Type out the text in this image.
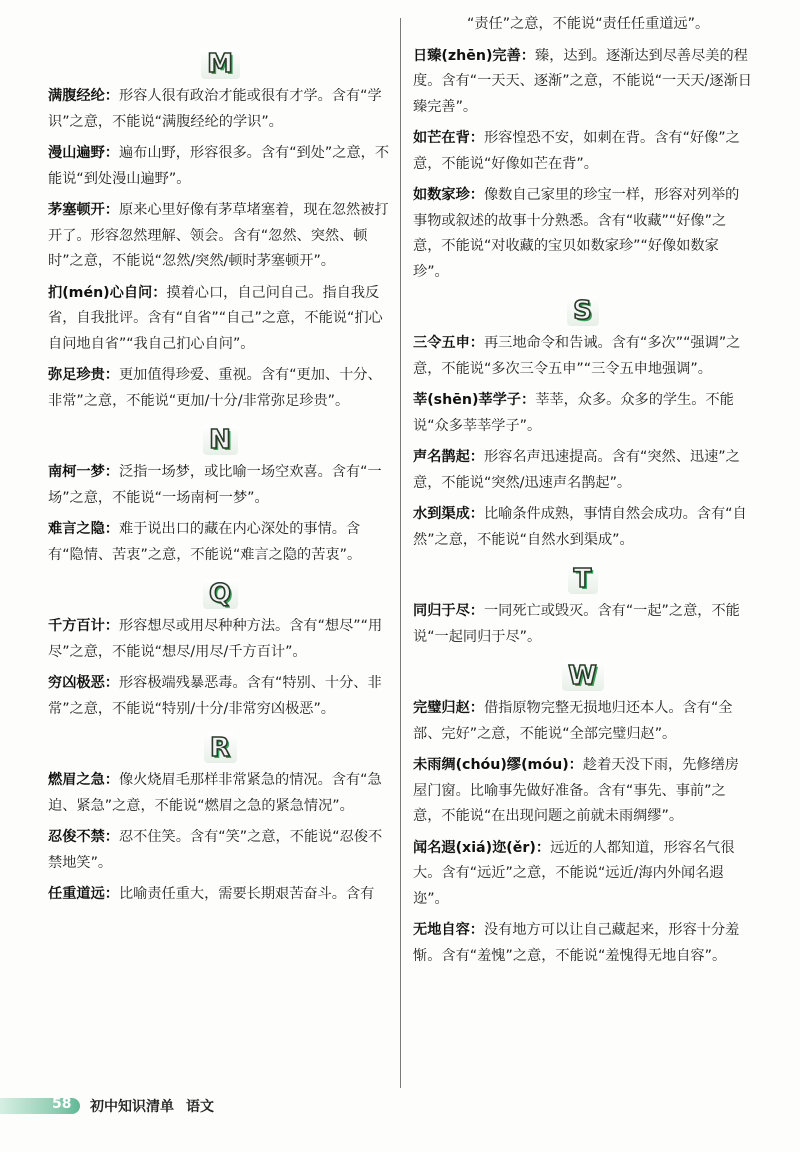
M
满腹经纶：形容人很有政治才能或很有才学。含有“学识”之意，不能说“满腹经纶的学识”。
漫山遍野：遍布山野，形容很多。含有“到处”之意，不能说“到处漫山遍野”。
茅塞顿开：原来心里好像有茅草堵塞着，现在忽然被打开了。形容忽然理解、领会。含有“忽然、突然、顿时”之意，不能说“忽然/突然/顿时茅塞顿开”。
扪(mén)心自问：摸着心口，自己问自己。指自我反省，自我批评。含有“自省”“自己”之意，不能说“扪心自问地自省”“我自己扪心自问”。
弥足珍贵：更加值得珍爱、重视。含有“更加、十分、非常”之意，不能说“更加/十分/非常弥足珍贵”。
N
南柯一梦：泛指一场梦，或比喻一场空欢喜。含有“一场”之意，不能说“一场南柯一梦”。
难言之隐：难于说出口的藏在内心深处的事情。含有“隐情、苦衷”之意，不能说“难言之隐的苦衷”。
Q
千方百计：形容想尽或用尽种种方法。含有“想尽”“用尽”之意，不能说“想尽/用尽/千方百计”。
穷凶极恶：形容极端残暴恶毒。含有“特别、十分、非常”之意，不能说“特别/十分/非常穷凶极恶”。
R
燃眉之急：像火烧眉毛那样非常紧急的情况。含有“急迫、紧急”之意，不能说“燃眉之急的紧急情况”。
忍俊不禁：忍不住笑。含有“笑”之意，不能说“忍俊不禁地笑”。
任重道远：比喻责任重大，需要长期艰苦奋斗。含有
“责任”之意，不能说“责任任重道远”。
日臻(zhēn)完善：臻，达到。逐渐达到尽善尽美的程度。含有“一天天、逐渐”之意，不能说“一天天/逐渐日臻完善”。
如芒在背：形容惶恐不安，如刺在背。含有“好像”之意，不能说“好像如芒在背”。
如数家珍：像数自己家里的珍宝一样，形容对列举的事物或叙述的故事十分熟悉。含有“收藏”“好像”之意，不能说“对收藏的宝贝如数家珍”“好像如数家珍”。
S
三令五申：再三地命令和告诫。含有“多次”“强调”之意，不能说“多次三令五申”“三令五申地强调”。
莘(shēn)莘学子：莘莘，众多。众多的学生。不能说“众多莘莘学子”。
声名鹊起：形容名声迅速提高。含有“突然、迅速”之意，不能说“突然/迅速声名鹊起”。
水到渠成：比喻条件成熟，事情自然会成功。含有“自然”之意，不能说“自然水到渠成”。
T
同归于尽：一同死亡或毁灭。含有“一起”之意，不能说“一起同归于尽”。
W
完璧归赵：借指原物完整无损地归还本人。含有“全部、完好”之意，不能说“全部完璧归赵”。
未雨绸(chóu)缪(móu)：趁着天没下雨，先修缮房屋门窗。比喻事先做好准备。含有“事先、事前”之意，不能说“在出现问题之前就未雨绸缪”。
闻名遐(xiá)迩(ěr)：远近的人都知道，形容名气很大。含有“远近”之意，不能说“远近/海内外闻名遐迩”。
无地自容：没有地方可以让自己藏起来，形容十分羞惭。含有“羞愧”之意，不能说“羞愧得无地自容”。
58 初中知识清单 语文
